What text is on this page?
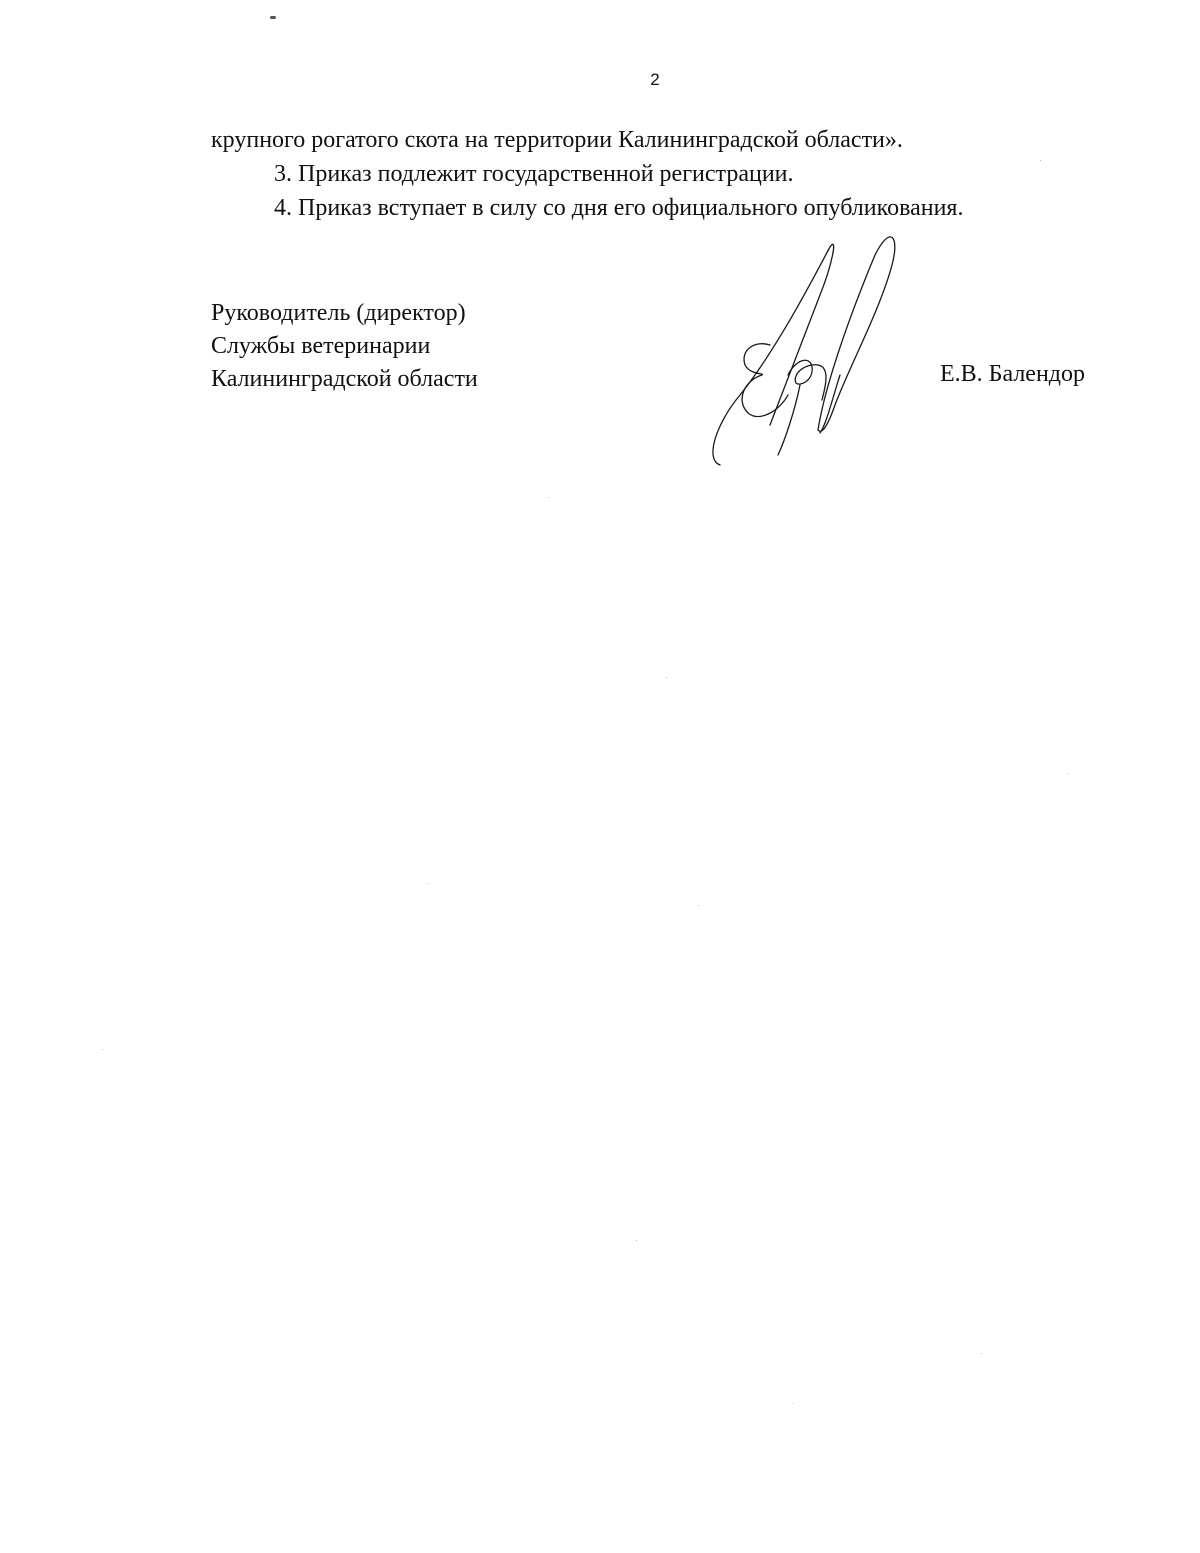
2

крупного рогатого скота на территории Калининградской области».

3. Приказ подлежит государственной регистрации.

4. Приказ вступает в силу со дня его официального опубликования.

Руководитель (директор)
Службы ветеринарии
Калининградской области	Е.В. Балендор
